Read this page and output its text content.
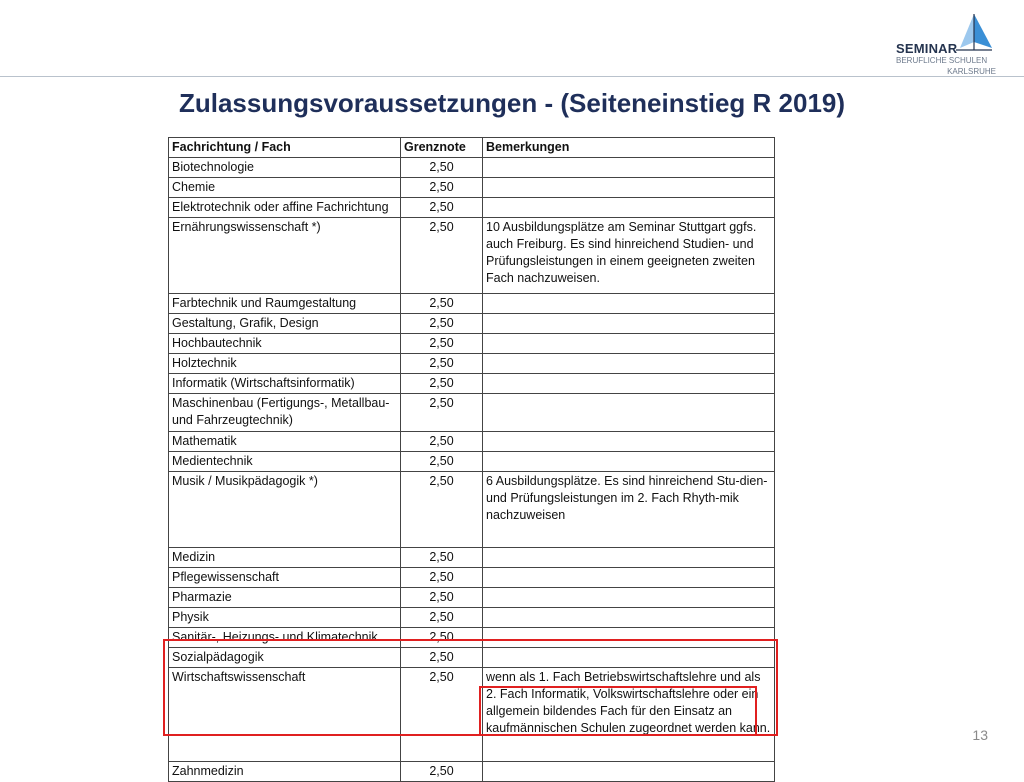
SEMINAR
BERUFLICHE SCHULEN
KARLSRUHE
Zulassungsvoraussetzungen - (Seiteneinstieg R 2019)
Fachrichtung / Fach	Grenznote	Bemerkungen
Biotechnologie	2,50	
Chemie	2,50	
Elektrotechnik oder affine Fachrichtung	2,50	
Ernährungswissenschaft *)	2,50	10 Ausbildungsplätze am Seminar Stuttgart ggfs. auch Freiburg. Es sind hinreichend Studien- und Prüfungsleistungen in einem geeigneten zweiten Fach nachzuweisen.
Farbtechnik und Raumgestaltung	2,50	
Gestaltung, Grafik, Design	2,50	
Hochbautechnik	2,50	
Holztechnik	2,50	
Informatik (Wirtschaftsinformatik)	2,50	
Maschinenbau (Fertigungs-, Metallbau- und Fahrzeugtechnik)	2,50	
Mathematik	2,50	
Medientechnik	2,50	
Musik / Musikpädagogik *)	2,50	6 Ausbildungsplätze. Es sind hinreichend Stu-dien- und Prüfungsleistungen im 2. Fach Rhyth-mik nachzuweisen
Medizin	2,50	
Pflegewissenschaft	2,50	
Pharmazie	2,50	
Physik	2,50	
Sanitär-, Heizungs- und Klimatechnik	2,50	
Sozialpädagogik	2,50	
Wirtschaftswissenschaft	2,50	wenn als 1. Fach Betriebswirtschaftslehre und als 2. Fach Informatik, Volkswirtschaftslehre oder ein allgemein bildendes Fach für den Einsatz an kaufmännischen Schulen zugeordnet werden kann.
Zahnmedizin	2,50	
13
